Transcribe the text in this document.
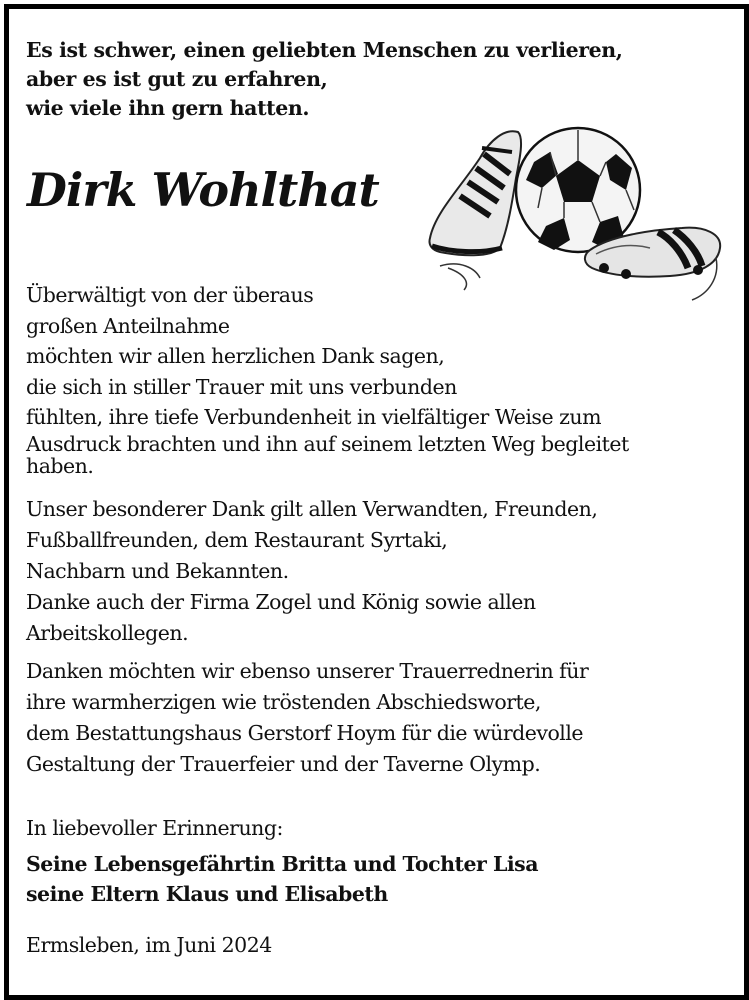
Es ist schwer, einen geliebten Menschen zu verlieren,
aber es ist gut zu erfahren,
wie viele ihn gern hatten.
Dirk Wohlthat
Überwältigt von der überaus
großen Anteilnahme
möchten wir allen herzlichen Dank sagen,
die sich in stiller Trauer mit uns verbunden
fühlten, ihre tiefe Verbundenheit in vielfältiger Weise zum
Ausdruck brachten und ihn auf seinem letzten Weg begleitet
haben.
Unser besonderer Dank gilt allen Verwandten, Freunden,
Fußballfreunden, dem Restaurant Syrtaki,
Nachbarn und Bekannten.
Danke auch der Firma Zogel und König sowie allen
Arbeitskollegen.
Danken möchten wir ebenso unserer Trauerrednerin für
ihre warmherzigen wie tröstenden Abschiedsworte,
dem Bestattungshaus Gerstorf Hoym für die würdevolle
Gestaltung der Trauerfeier und der Taverne Olymp.
In liebevoller Erinnerung:
Seine Lebensgefährtin Britta und Tochter Lisa
seine Eltern Klaus und Elisabeth
Ermsleben, im Juni 2024
